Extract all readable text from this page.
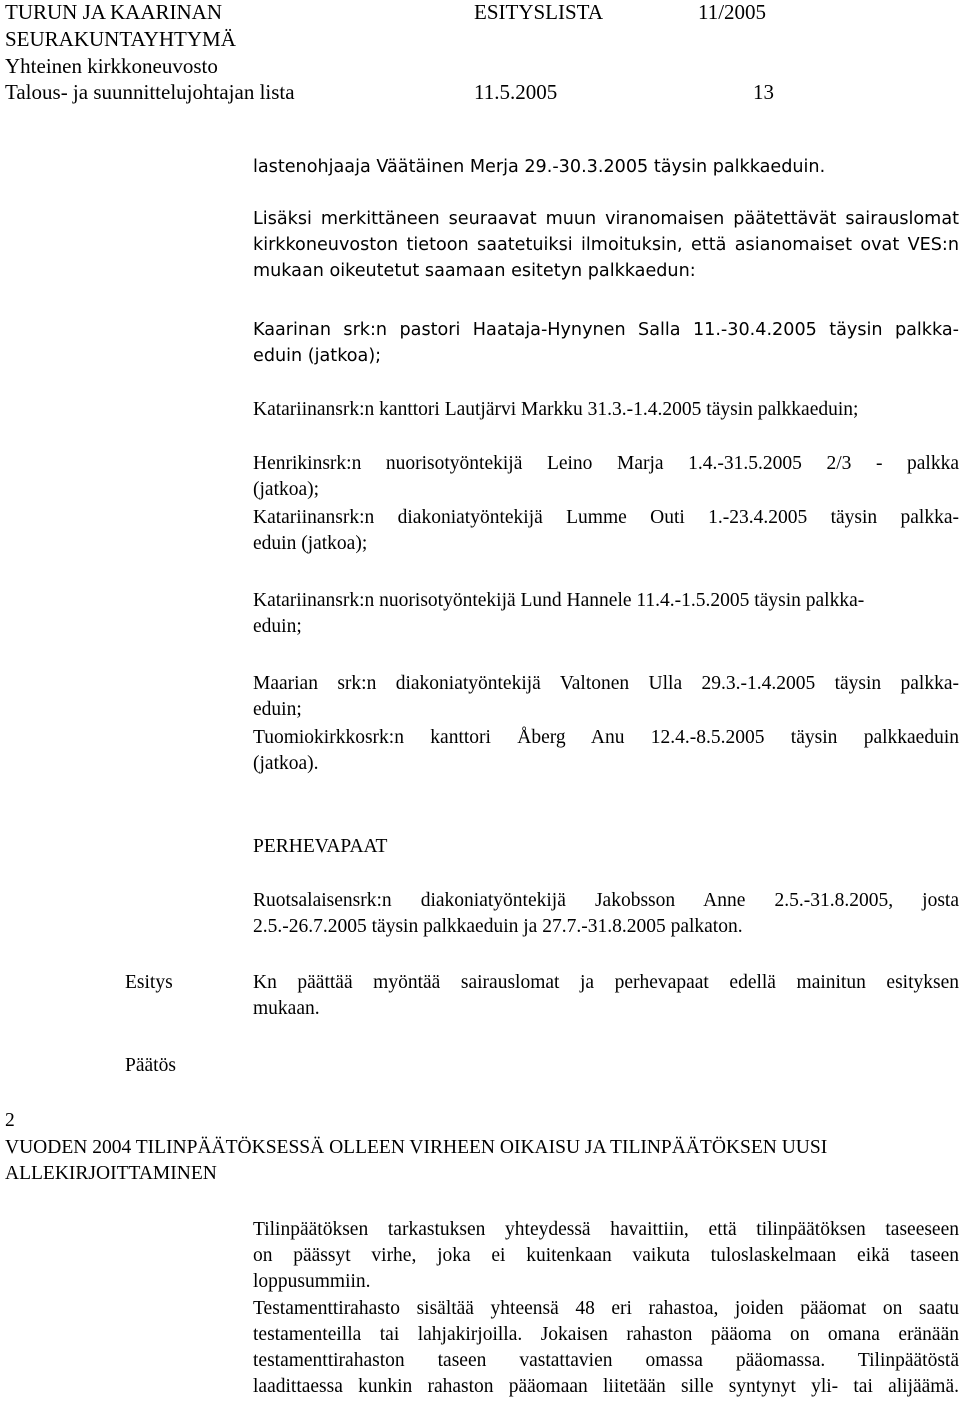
TURUN JA KAARINAN	ESITYSLISTA	11/2005
SEURAKUNTAYHTYMÄ
Yhteinen kirkkoneuvosto
Talous- ja suunnittelujohtajan lista	11.5.2005	13
lastenohjaaja Väätäinen Merja 29.-30.3.2005 täysin palkkaeduin.
Lisäksi merkittäneen seuraavat muun viranomaisen päätettävät sairauslomat
kirkkoneuvoston tietoon saatetuiksi ilmoituksin, että asianomaiset ovat VES:n
mukaan oikeutetut saamaan esitetyn palkkaedun:
Kaarinan srk:n pastori Haataja-Hynynen Salla 11.-30.4.2005 täysin palkka-
eduin (jatkoa);
Katariinansrk:n kanttori Lautjärvi Markku 31.3.-1.4.2005 täysin palkkaeduin;
Henrikinsrk:n nuorisotyöntekijä Leino Marja 1.4.-31.5.2005 2/3 - palkka
(jatkoa);
Katariinansrk:n diakoniatyöntekijä Lumme Outi 1.-23.4.2005 täysin palkka-
eduin (jatkoa);
Katariinansrk:n nuorisotyöntekijä Lund Hannele 11.4.-1.5.2005 täysin palkka-
eduin;
Maarian srk:n diakoniatyöntekijä Valtonen Ulla 29.3.-1.4.2005 täysin palkka-
eduin;
Tuomiokirkkosrk:n kanttori Åberg Anu 12.4.-8.5.2005 täysin palkkaeduin
(jatkoa).
PERHEVAPAAT
Ruotsalaisensrk:n diakoniatyöntekijä Jakobsson Anne 2.5.-31.8.2005, josta
2.5.-26.7.2005 täysin palkkaeduin ja 27.7.-31.8.2005 palkaton.
Esitys	Kn päättää myöntää sairauslomat ja perhevapaat edellä mainitun esityksen
mukaan.
Päätös
2
VUODEN 2004 TILINPÄÄTÖKSESSÄ OLLEEN VIRHEEN OIKAISU JA TILINPÄÄTÖKSEN UUSI
ALLEKIRJOITTAMINEN
Tilinpäätöksen tarkastuksen yhteydessä havaittiin, että tilinpäätöksen taseeseen
on päässyt virhe, joka ei kuitenkaan vaikuta tuloslaskelmaan eikä taseen
loppusummiin.
Testamenttirahasto sisältää yhteensä 48 eri rahastoa, joiden pääomat on saatu
testamenteilla tai lahjakirjoilla. Jokaisen rahaston pääoma on omana eränään
testamenttirahaston taseen vastattavien omassa pääomassa. Tilinpäätöstä
laadittaessa kunkin rahaston pääomaan liitetään sille syntynyt yli- tai alijäämä.
